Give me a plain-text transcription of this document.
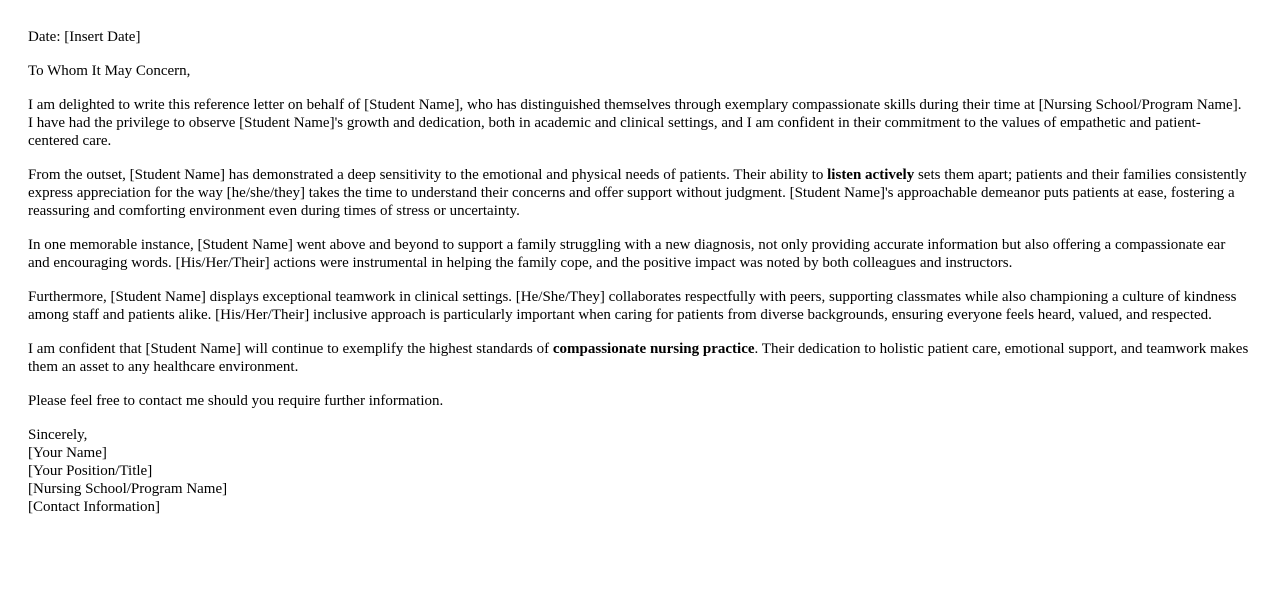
Date: [Insert Date]

To Whom It May Concern,

I am delighted to write this reference letter on behalf of [Student Name], who has distinguished themselves through exemplary compassionate skills during their time at [Nursing School/Program Name]. I have had the privilege to observe [Student Name]'s growth and dedication, both in academic and clinical settings, and I am confident in their commitment to the values of empathetic and patient-centered care.

From the outset, [Student Name] has demonstrated a deep sensitivity to the emotional and physical needs of patients. Their ability to listen actively sets them apart; patients and their families consistently express appreciation for the way [he/she/they] takes the time to understand their concerns and offer support without judgment. [Student Name]'s approachable demeanor puts patients at ease, fostering a reassuring and comforting environment even during times of stress or uncertainty.

In one memorable instance, [Student Name] went above and beyond to support a family struggling with a new diagnosis, not only providing accurate information but also offering a compassionate ear and encouraging words. [His/Her/Their] actions were instrumental in helping the family cope, and the positive impact was noted by both colleagues and instructors.

Furthermore, [Student Name] displays exceptional teamwork in clinical settings. [He/She/They] collaborates respectfully with peers, supporting classmates while also championing a culture of kindness among staff and patients alike. [His/Her/Their] inclusive approach is particularly important when caring for patients from diverse backgrounds, ensuring everyone feels heard, valued, and respected.

I am confident that [Student Name] will continue to exemplify the highest standards of compassionate nursing practice. Their dedication to holistic patient care, emotional support, and teamwork makes them an asset to any healthcare environment.

Please feel free to contact me should you require further information.

Sincerely,
[Your Name]
[Your Position/Title]
[Nursing School/Program Name]
[Contact Information]
